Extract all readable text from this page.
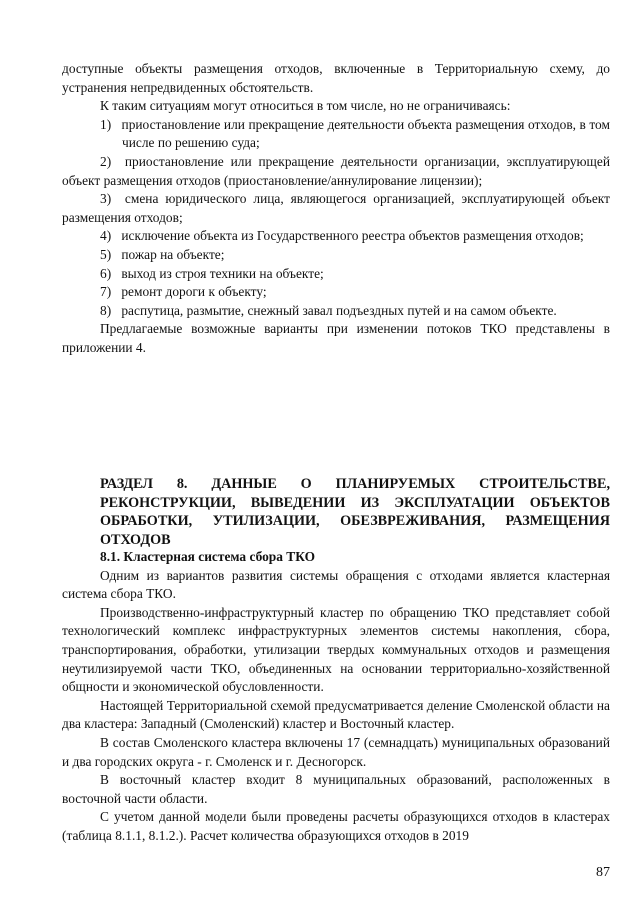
доступные объекты размещения отходов, включенные в Территориальную схему, до устранения непредвиденных обстоятельств.

К таким ситуациям могут относиться в том числе, но не ограничиваясь:

1) приостановление или прекращение деятельности объекта размещения отходов, в том числе по решению суда;

2) приостановление или прекращение деятельности организации, эксплуатирующей объект размещения отходов (приостановление/аннулирование лицензии);

3) смена юридического лица, являющегося организацией, эксплуатирующей объект размещения отходов;

4) исключение объекта из Государственного реестра объектов размещения отходов;

5) пожар на объекте;

6) выход из строя техники на объекте;

7) ремонт дороги к объекту;

8) распутица, размытие, снежный завал подъездных путей и на самом объекте.

Предлагаемые возможные варианты при изменении потоков ТКО представлены в приложении 4.

РАЗДЕЛ 8. ДАННЫЕ О ПЛАНИРУЕМЫХ СТРОИТЕЛЬСТВЕ, РЕКОНСТРУКЦИИ, ВЫВЕДЕНИИ ИЗ ЭКСПЛУАТАЦИИ ОБЪЕКТОВ ОБРАБОТКИ, УТИЛИЗАЦИИ, ОБЕЗВРЕЖИВАНИЯ, РАЗМЕЩЕНИЯ ОТХОДОВ

8.1. Кластерная система сбора ТКО

Одним из вариантов развития системы обращения с отходами является кластерная система сбора ТКО.

Производственно-инфраструктурный кластер по обращению ТКО представляет собой технологический комплекс инфраструктурных элементов системы накопления, сбора, транспортирования, обработки, утилизации твердых коммунальных отходов и размещения неутилизируемой части ТКО, объединенных на основании территориально-хозяйственной общности и экономической обусловленности.

Настоящей Территориальной схемой предусматривается деление Смоленской области на два кластера: Западный (Смоленский) кластер и Восточный кластер.

В состав Смоленского кластера включены 17 (семнадцать) муниципальных образований и два городских округа - г. Смоленск и г. Десногорск.

В восточный кластер входит 8 муниципальных образований, расположенных в восточной части области.

С учетом данной модели были проведены расчеты образующихся отходов в кластерах (таблица 8.1.1, 8.1.2.). Расчет количества образующихся отходов в 2019

87
